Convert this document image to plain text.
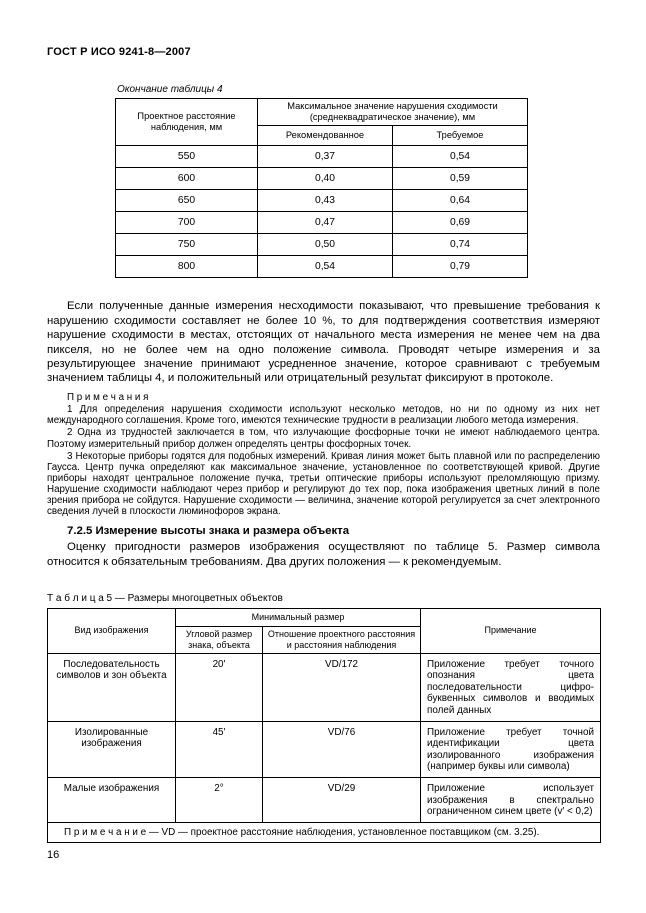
ГОСТ Р ИСО 9241-8—2007
Окончание таблицы 4
Проектное расстояние наблюдения, мм	Максимальное значение нарушения сходимости (среднеквадратическое значение), мм	
	Рекомендованное	Требуемое
550	0,37	0,54
600	0,40	0,59
650	0,43	0,64
700	0,47	0,69
750	0,50	0,74
800	0,54	0,79

Если полученные данные измерения несходимости показывают, что превышение требования к нарушению сходимости составляет не более 10 %, то для подтверждения соответствия измеряют нарушение сходимости в местах, отстоящих от начального места измерения не менее чем на два пикселя, но не более чем на одно положение символа. Проводят четыре измерения и за результирующее значение принимают усредненное значение, которое сравнивают с требуемым значением таблицы 4, и положительный или отрицательный результат фиксируют в протоколе.

П р и м е ч а н и я

1 Для определения нарушения сходимости используют несколько методов, но ни по одному из них нет международного соглашения. Кроме того, имеются технические трудности в реализации любого метода измерения.

2 Одна из трудностей заключается в том, что излучающие фосфорные точки не имеют наблюдаемого центра. Поэтому измерительный прибор должен определять центры фосфорных точек.

3 Некоторые приборы годятся для подобных измерений. Кривая линия может быть плавной или по распределению Гаусса. Центр пучка определяют как максимальное значение, установленное по соответствующей кривой. Другие приборы находят центральное положение пучка, третьи оптические приборы используют преломляющую призму. Нарушение сходимости наблюдают через прибор и регулируют до тех пор, пока изображения цветных линий в поле зрения прибора не сойдутся. Нарушение сходимости — величина, значение которой регулируется за счет электронного сведения лучей в плоскости люминофоров экрана.

7.2.5 Измерение высоты знака и размера объекта

Оценку пригодности размеров изображения осуществляют по таблице 5. Размер символа относится к обязательным требованиям. Два других положения — к рекомендуемым.

Т а б л и ц а 5 — Размеры многоцветных объектов
Вид изображения	Минимальный размер		Примечание
	Угловой размер знака, объекта	Отношение проектного расстояния и расстояния наблюдения	
Последовательность символов и зон объекта	20'	VD/172	Приложение требует точного опознания цвета последовательности цифро-буквенных символов и вводимых полей данных
Изолированные изображения	45'	VD/76	Приложение требует точной идентификации цвета изолированного изображения (например буквы или символа)
Малые изображения	2°	VD/29	Приложение использует изображения в спектрально ограниченном синем цвете (v′ < 0,2)
П р и м е ч а н и е — VD — проектное расстояние наблюдения, установленное поставщиком (см. 3.25).			
16
